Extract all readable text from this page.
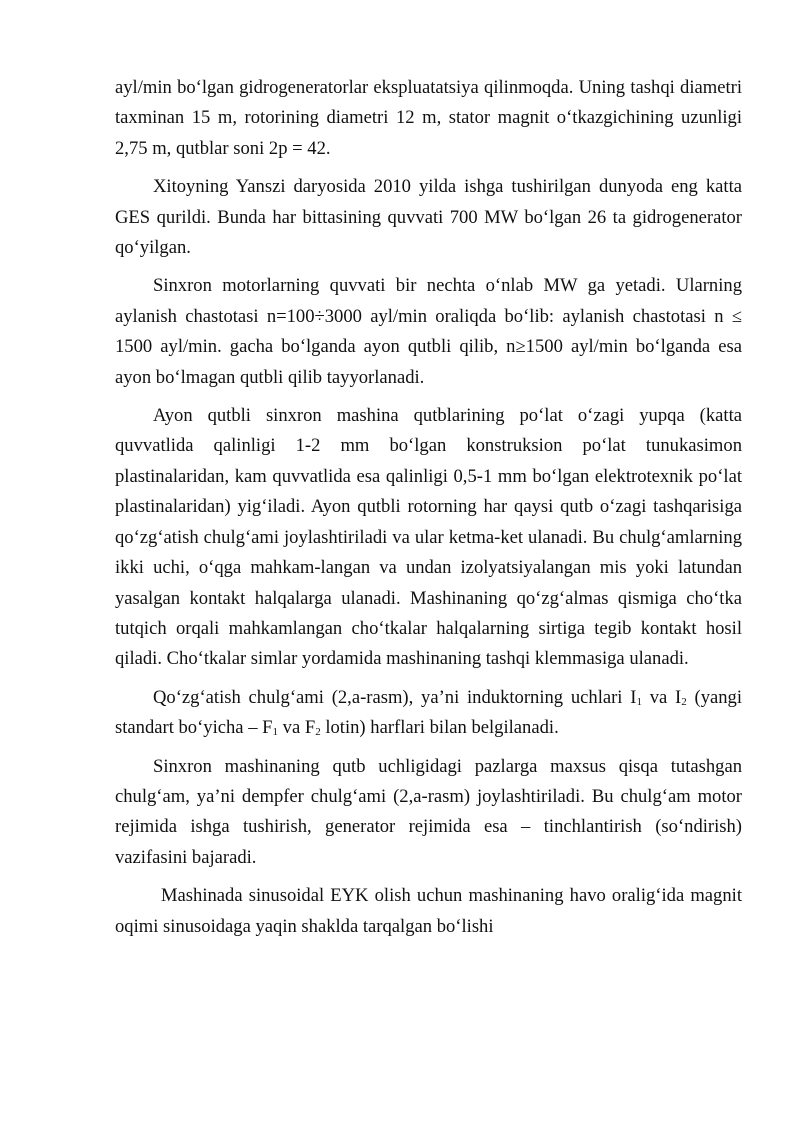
ayl/min boʻlgan gidrogeneratorlar ekspluatatsiya qilinmoqda. Uning tashqi diametri taxminan 15 m, rotorining diametri 12 m, stator magnit oʻtkazgichining uzunligi 2,75 m, qutblar soni 2p = 42.

Xitoyning Yanszi daryosida 2010 yilda ishga tushirilgan dunyoda eng katta GES qurildi. Bunda har bittasining quvvati 700 MW boʻlgan 26 ta gidrogenerator qoʻyilgan.

Sinxron motorlarning quvvati bir nechta oʻnlab MW ga yetadi. Ularning aylanish chastotasi n=100÷3000 ayl/min oraliqda boʻlib: aylanish chastotasi n ≤ 1500 ayl/min. gacha boʻlganda ayon qutbli qilib, n≥1500 ayl/min boʻlganda esa ayon boʻlmagan qutbli qilib tayyorlanadi.

Ayon qutbli sinxron mashina qutblarining poʻlat oʻzagi yupqa (katta quvvatlida qalinligi 1-2 mm boʻlgan konstruksion poʻlat tunukasimon plastinalaridan, kam quvvatlida esa qalinligi 0,5-1 mm boʻlgan elektrotexnik poʻlat plastinalaridan) yigʻiladi. Ayon qutbli rotorning har qaysi qutb oʻzagi tashqarisiga qoʻzgʻatish chulgʻami joylashtiriladi va ular ketma-ket ulanadi. Bu chulgʻamlarning ikki uchi, oʻqga mahkam-langan va undan izolyatsiyalangan mis yoki latundan yasalgan kontakt halqalarga ulanadi. Mashinaning qoʻzgʻalmas qismiga choʻtka tutqich orqali mahkamlangan choʻtkalar halqalarning sirtiga tegib kontakt hosil qiladi. Choʻtkalar simlar yordamida mashinaning tashqi klemmasiga ulanadi.

Qoʻzgʻatish chulgʻami (2,a-rasm), yaʼni induktorning uchlari $I_1$ va $I_2$ (yangi standart boʻyicha – $F_1$ va $F_2$ lotin) harflari bilan belgilanadi.

Sinxron mashinaning qutb uchligidagi pazlarga maxsus qisqa tutashgan chulgʻam, yaʼni dempfer chulgʻami (2,a-rasm) joylashtiriladi. Bu chulgʻam motor rejimida ishga tushirish, generator rejimida esa – tinchlantirish (soʻndirish) vazifasini bajaradi.

Mashinada sinusoidal EYK olish uchun mashinaning havo oraligʻida magnit oqimi sinusoidaga yaqin shaklda tarqalgan boʻlishi
